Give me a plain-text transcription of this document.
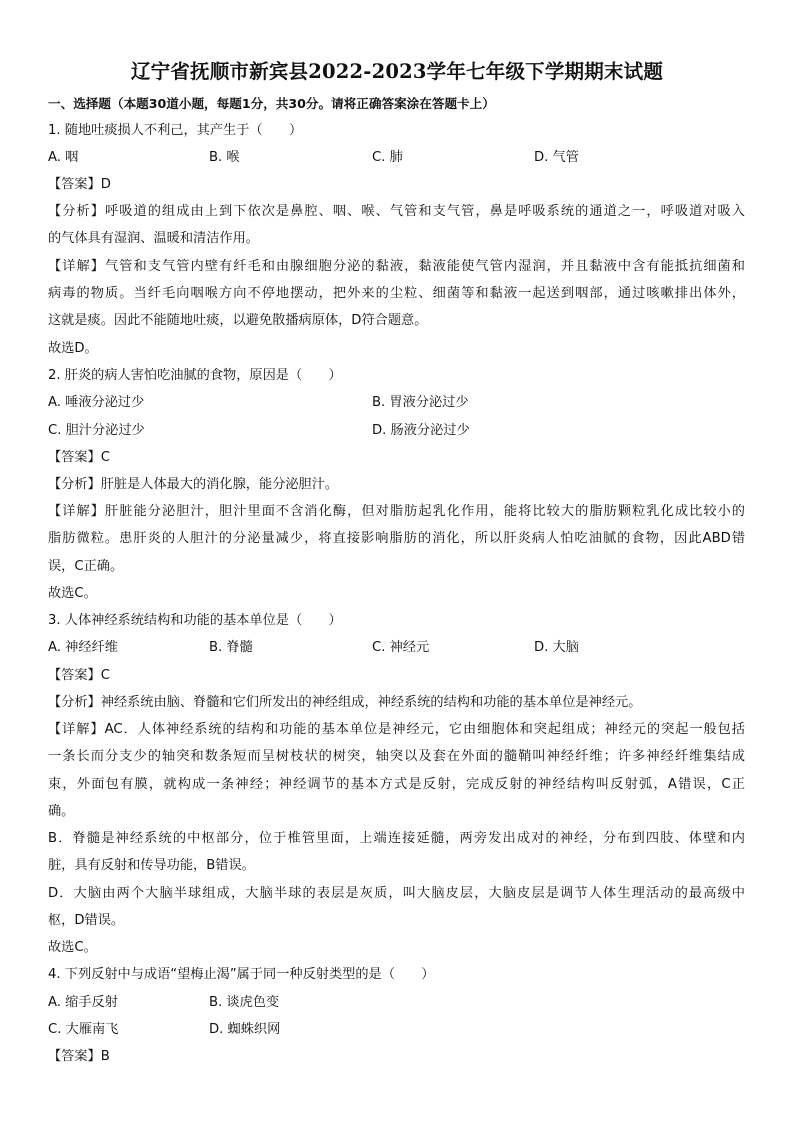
辽宁省抚顺市新宾县2022-2023学年七年级下学期期末试题
一、选择题（本题30道小题，每题1分，共30分。请将正确答案涂在答题卡上）
1. 随地吐痰损人不利己，其产生于（　　）
A. 咽	B. 喉	C. 肺	D. 气管
【答案】D
【分析】呼吸道的组成由上到下依次是鼻腔、咽、喉、气管和支气管，鼻是呼吸系统的通道之一，呼吸道对吸入
的气体具有湿润、温暖和清洁作用。
【详解】气管和支气管内壁有纤毛和由腺细胞分泌的黏液，黏液能使气管内湿润，并且黏液中含有能抵抗细菌和
病毒的物质。当纤毛向咽喉方向不停地摆动，把外来的尘粒、细菌等和黏液一起送到咽部，通过咳嗽排出体外，
这就是痰。因此不能随地吐痰，以避免散播病原体，D符合题意。
故选D。
2. 肝炎的病人害怕吃油腻的食物，原因是（　　）
A. 唾液分泌过少	B. 胃液分泌过少
C. 胆汁分泌过少	D. 肠液分泌过少
【答案】C
【分析】肝脏是人体最大的消化腺，能分泌胆汁。
【详解】肝脏能分泌胆汁，胆汁里面不含消化酶，但对脂肪起乳化作用，能将比较大的脂肪颗粒乳化成比较小的
脂肪微粒。患肝炎的人胆汁的分泌量减少，将直接影响脂肪的消化，所以肝炎病人怕吃油腻的食物，因此ABD错
误，C正确。
故选C。
3. 人体神经系统结构和功能的基本单位是（　　）
A. 神经纤维	B. 脊髓	C. 神经元	D. 大脑
【答案】C
【分析】神经系统由脑、脊髓和它们所发出的神经组成，神经系统的结构和功能的基本单位是神经元。
【详解】AC．人体神经系统的结构和功能的基本单位是神经元，它由细胞体和突起组成；神经元的突起一般包括
一条长而分支少的轴突和数条短而呈树枝状的树突，轴突以及套在外面的髓鞘叫神经纤维；许多神经纤维集结成
束，外面包有膜，就构成一条神经；神经调节的基本方式是反射，完成反射的神经结构叫反射弧，A错误，C正
确。
B．脊髓是神经系统的中枢部分，位于椎管里面，上端连接延髓，两旁发出成对的神经，分布到四肢、体壁和内
脏，具有反射和传导功能，B错误。
D．大脑由两个大脑半球组成，大脑半球的表层是灰质，叫大脑皮层，大脑皮层是调节人体生理活动的最高级中
枢，D错误。
故选C。
4. 下列反射中与成语“望梅止渴”属于同一种反射类型的是（　　）
A. 缩手反射	B. 谈虎色变
C. 大雁南飞	D. 蜘蛛织网
【答案】B
